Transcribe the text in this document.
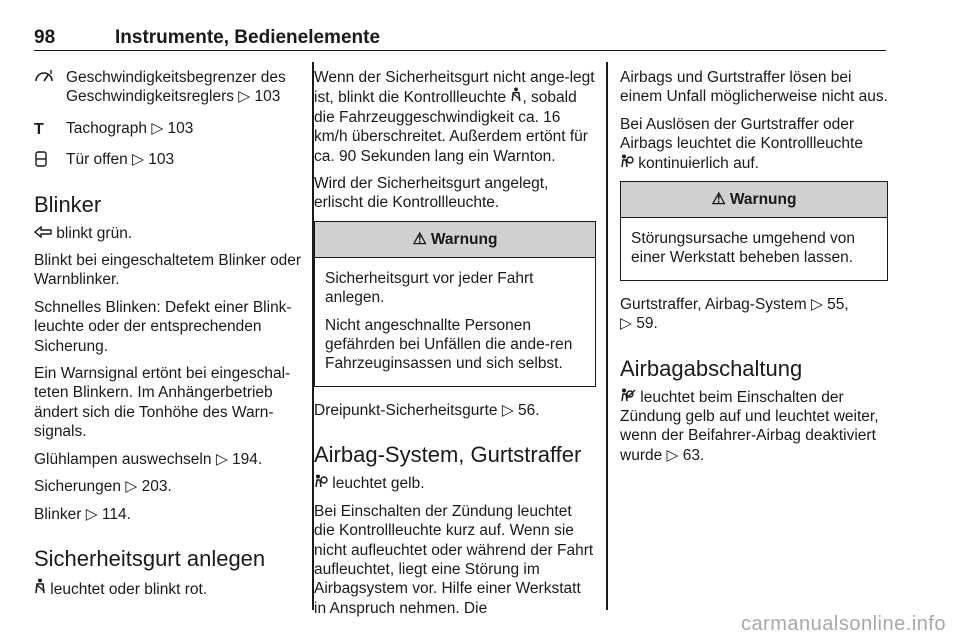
98	Instrumente, Bedienelemente
Geschwindigkeitsbegrenzer des Geschwindigkeitsreglers ▷ 103
T	Tachograph ▷ 103
Tür offen ▷ 103
Blinker
blinkt grün.
Blinkt bei eingeschaltetem Blinker oder Warnblinker.
Schnelles Blinken: Defekt einer Blink-leuchte oder der entsprechenden Sicherung.
Ein Warnsignal ertönt bei eingeschal-teten Blinkern. Im Anhängerbetrieb ändert sich die Tonhöhe des Warn-signals.
Glühlampen auswechseln ▷ 194.
Sicherungen ▷ 203.
Blinker ▷ 114.
Sicherheitsgurt anlegen
leuchtet oder blinkt rot.
Wenn der Sicherheitsgurt nicht ange-legt ist, blinkt die Kontrollleuchte , sobald die Fahrzeuggeschwindigkeit ca. 16 km/h überschreitet. Außerdem ertönt für ca. 90 Sekunden lang ein Warnton.
Wird der Sicherheitsgurt angelegt, erlischt die Kontrollleuchte.
⚠ Warnung
Sicherheitsgurt vor jeder Fahrt anlegen.
Nicht angeschnallte Personen gefährden bei Unfällen die ande-ren Fahrzeuginsassen und sich selbst.
Dreipunkt-Sicherheitsgurte ▷ 56.
Airbag-System, Gurtstraffer
leuchtet gelb.
Bei Einschalten der Zündung leuchtet die Kontrollleuchte kurz auf. Wenn sie nicht aufleuchtet oder während der Fahrt aufleuchtet, liegt eine Störung im Airbagsystem vor. Hilfe einer Werkstatt in Anspruch nehmen. Die
Airbags und Gurtstraffer lösen bei einem Unfall möglicherweise nicht aus.
Bei Auslösen der Gurtstraffer oder Airbags leuchtet die Kontrollleuchte
kontinuierlich auf.
⚠ Warnung
Störungsursache umgehend von einer Werkstatt beheben lassen.
Gurtstraffer, Airbag-System ▷ 55,
▷ 59.
Airbagabschaltung
leuchtet beim Einschalten der Zündung gelb auf und leuchtet weiter, wenn der Beifahrer-Airbag deaktiviert wurde ▷ 63.
carmanualsonline.info
